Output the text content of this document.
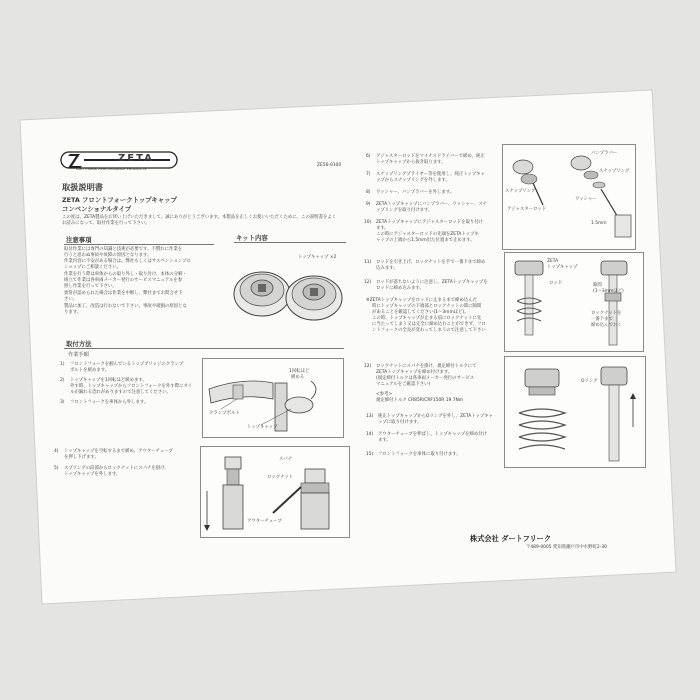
ZETA
DIRT FREAK PERFORMANCE PRODUCTS
ZE56-0100
取扱説明書
ZETA フロントフォークトップキャップ
コンベンショナルタイプ
この度は、ZETA製品をお買い上げいただきまして、誠にありがとうございます。本製品を正しくお使いいただくために、この説明書をよく
お読みになって、取付作業を行って下さい。
注意事項
取付作業には専門の知識と技術が必要です。不慣れに作業を
行うと思わぬ事故や故障の原因となります。
作業内容に不安がある場合は、弊社もしくはサスペンションプロ
ショップにご相談ください。
作業を行う際は車体からの取り外し・取り付け、本体の分解・
組立て作業は各車両メーカー発行のサービスマニュアルを参
照し作業を行って下さい。
異常が認められた場合は作業を中断し、弊社までお問合せ下
さい。
製品に加工、改造は行わないで下さい。事故や破損の原因とな
ります。
キット内容
トップキャップ ×2
取付方法
作業手順
1) フロントフォークを掴んでいるトップブリッジのクランプ
ボルトを緩めます。
2) トップキャップを1回転ほど緩めます。
外す時、トップキャップからフロントフォークを外す際にオイ
ルが漏れる恐れがありますので注意してください。
3) フロントフォークを車体から外します。
4) トップキャップを空転するまで緩め、アウターチューブ
を押し下げます。
5) スプリングの段部からロックナットにスパナを掛け、
トップキャップを外します。
1回転ほど
緩める
クランプボルト
トップキャップ
スパナ
ロックナット
アウターチューブ
6) アジャスターロッドをマイナスドライバーで緩め、純正
トップキャップから抜き取ります。
7) スナップリングプライヤー等を使用し、純正トップキャ
ップからスナップリングを外します。
8) ワッシャー、バンプラバーを外します。
9) ZETAトップキャップにバンプラバー、ワッシャー、スナ
ップリングを取り付けます。
10) ZETAトップキャップにアジャスターロッドを取り付け
ます。
この時にアジャスターロッドの先端をZETAトップキ
ャップの上端から1.5mm出た位置まで止めます。
11) ロッドを引き上げ、ロックナットを手で一番下まで締め
込みます。
12) ロッドが落ちないように注意し、ZETAトップキャップを
ロッドに締め込みます。
※ZETAトップキャップをロッドに止まるまで締め込んだ
時にトップキャップの下端部とロックナットの間に隙間
があることを確認してください(1〜3mmほど)。
この時、トップキャップが止まる前にロックナットに先
に当たってしまう又は完全に締め込むことができず、フロ
ントフォークの全長が変わってしまうので注意して下さい
12) ロックナットにスパナを掛け、規定締付トルクにて
ZETAトップキャップを締め付けます。
(規定締付トルクは各車両メーカー発行のサービス
マニュアルをご確認下さい)
<参考>
規定締付トルク CR85R/CRF150R 19.7Nm
13) 純正トップキャップからOリングを外し、ZETAトップキャ
ップに取り付けます。
14) アウターチューブを伸ばし、トップキャップを締め付け
ます。
15) フロントフォークを車体に取り付けます。
バンプラバー
スナップリング
スナップリング
ワッシャー
アジャスターロッド
1.5mm
ZETA
トップキャップ
ロッド	隙間
(1〜3mmほど)
ロックナットを
一番下まで
締め込んでおく
Oリング
株式会社 ダートフリーク
〒489-0005 愛知県瀬戸市中水野町2-30
